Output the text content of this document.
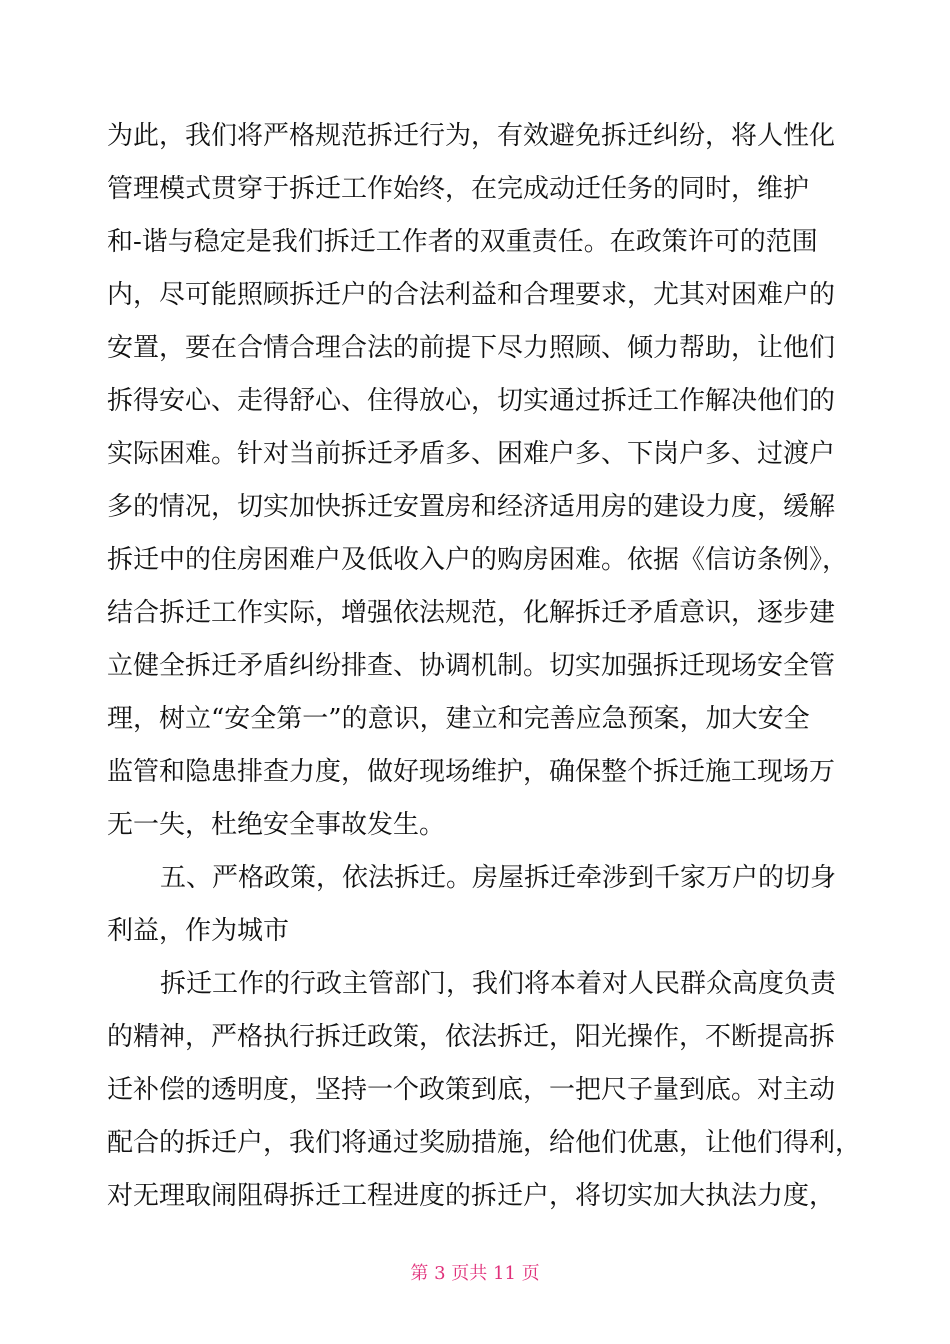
为此，我们将严格规范拆迁行为，有效避免拆迁纠纷，将人性化
管理模式贯穿于拆迁工作始终，在完成动迁任务的同时，维护
和-谐与稳定是我们拆迁工作者的双重责任。在政策许可的范围
内，尽可能照顾拆迁户的合法利益和合理要求，尤其对困难户的
安置，要在合情合理合法的前提下尽力照顾、倾力帮助，让他们
拆得安心、走得舒心、住得放心，切实通过拆迁工作解决他们的
实际困难。针对当前拆迁矛盾多、困难户多、下岗户多、过渡户
多的情况，切实加快拆迁安置房和经济适用房的建设力度，缓解
拆迁中的住房困难户及低收入户的购房困难。依据《信访条例》，
结合拆迁工作实际，增强依法规范，化解拆迁矛盾意识，逐步建
立健全拆迁矛盾纠纷排查、协调机制。切实加强拆迁现场安全管
理，树立“安全第一”的意识，建立和完善应急预案，加大安全
监管和隐患排查力度，做好现场维护，确保整个拆迁施工现场万
无一失，杜绝安全事故发生。
五、严格政策，依法拆迁。房屋拆迁牵涉到千家万户的切身
利益，作为城市
拆迁工作的行政主管部门，我们将本着对人民群众高度负责
的精神，严格执行拆迁政策，依法拆迁，阳光操作，不断提高拆
迁补偿的透明度，坚持一个政策到底，一把尺子量到底。对主动
配合的拆迁户，我们将通过奖励措施，给他们优惠，让他们得利，
对无理取闹阻碍拆迁工程进度的拆迁户，将切实加大执法力度，
第 3 页共 11 页
